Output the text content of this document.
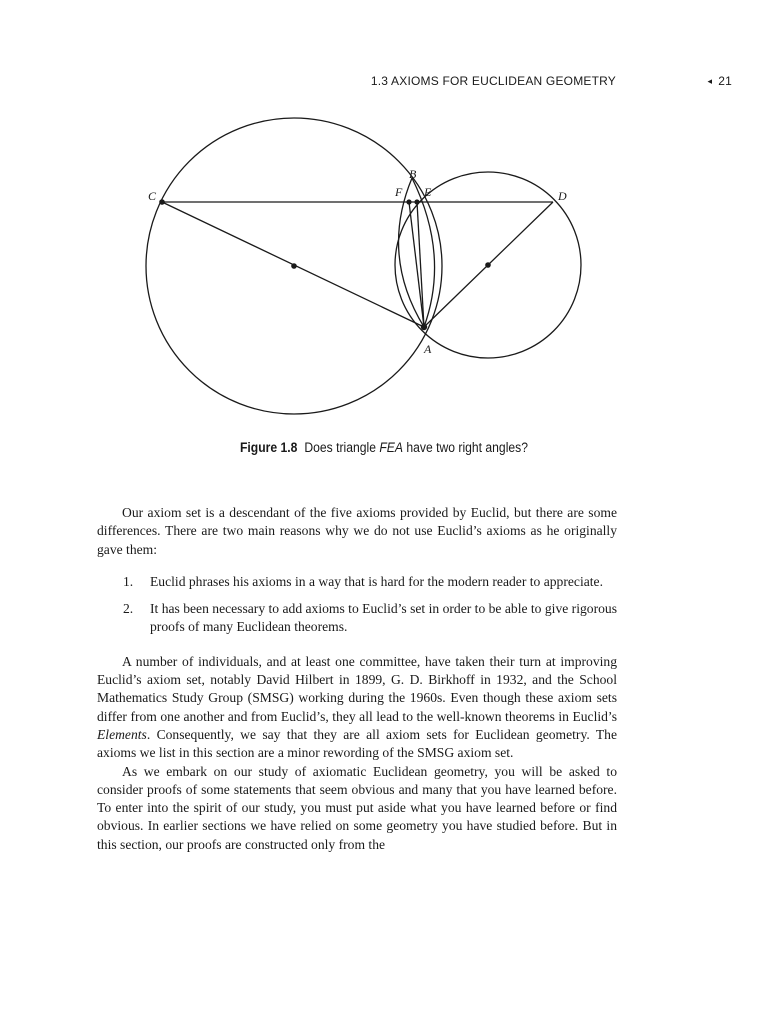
1.3 AXIOMS FOR EUCLIDEAN GEOMETRY	◂ 21
B
C	F E	D
A
Figure 1.8 Does triangle FEA have two right angles?

Our axiom set is a descendant of the five axioms provided by Euclid, but there are some differences. There are two main reasons why we do not use Euclid’s axioms as he originally gave them:

1. Euclid phrases his axioms in a way that is hard for the modern reader to appreciate.
2. It has been necessary to add axioms to Euclid’s set in order to be able to give rigorous proofs of many Euclidean theorems.

A number of individuals, and at least one committee, have taken their turn at improving Euclid’s axiom set, notably David Hilbert in 1899, G. D. Birkhoff in 1932, and the School Mathematics Study Group (SMSG) working during the 1960s. Even though these axiom sets differ from one another and from Euclid’s, they all lead to the well-known theorems in Euclid’s Elements. Consequently, we say that they are all axiom sets for Euclidean geometry. The axioms we list in this section are a minor rewording of the SMSG axiom set.

As we embark on our study of axiomatic Euclidean geometry, you will be asked to consider proofs of some statements that seem obvious and many that you have learned before. To enter into the spirit of our study, you must put aside what you have learned before or find obvious. In earlier sections we have relied on some geometry you have studied before. But in this section, our proofs are constructed only from the
